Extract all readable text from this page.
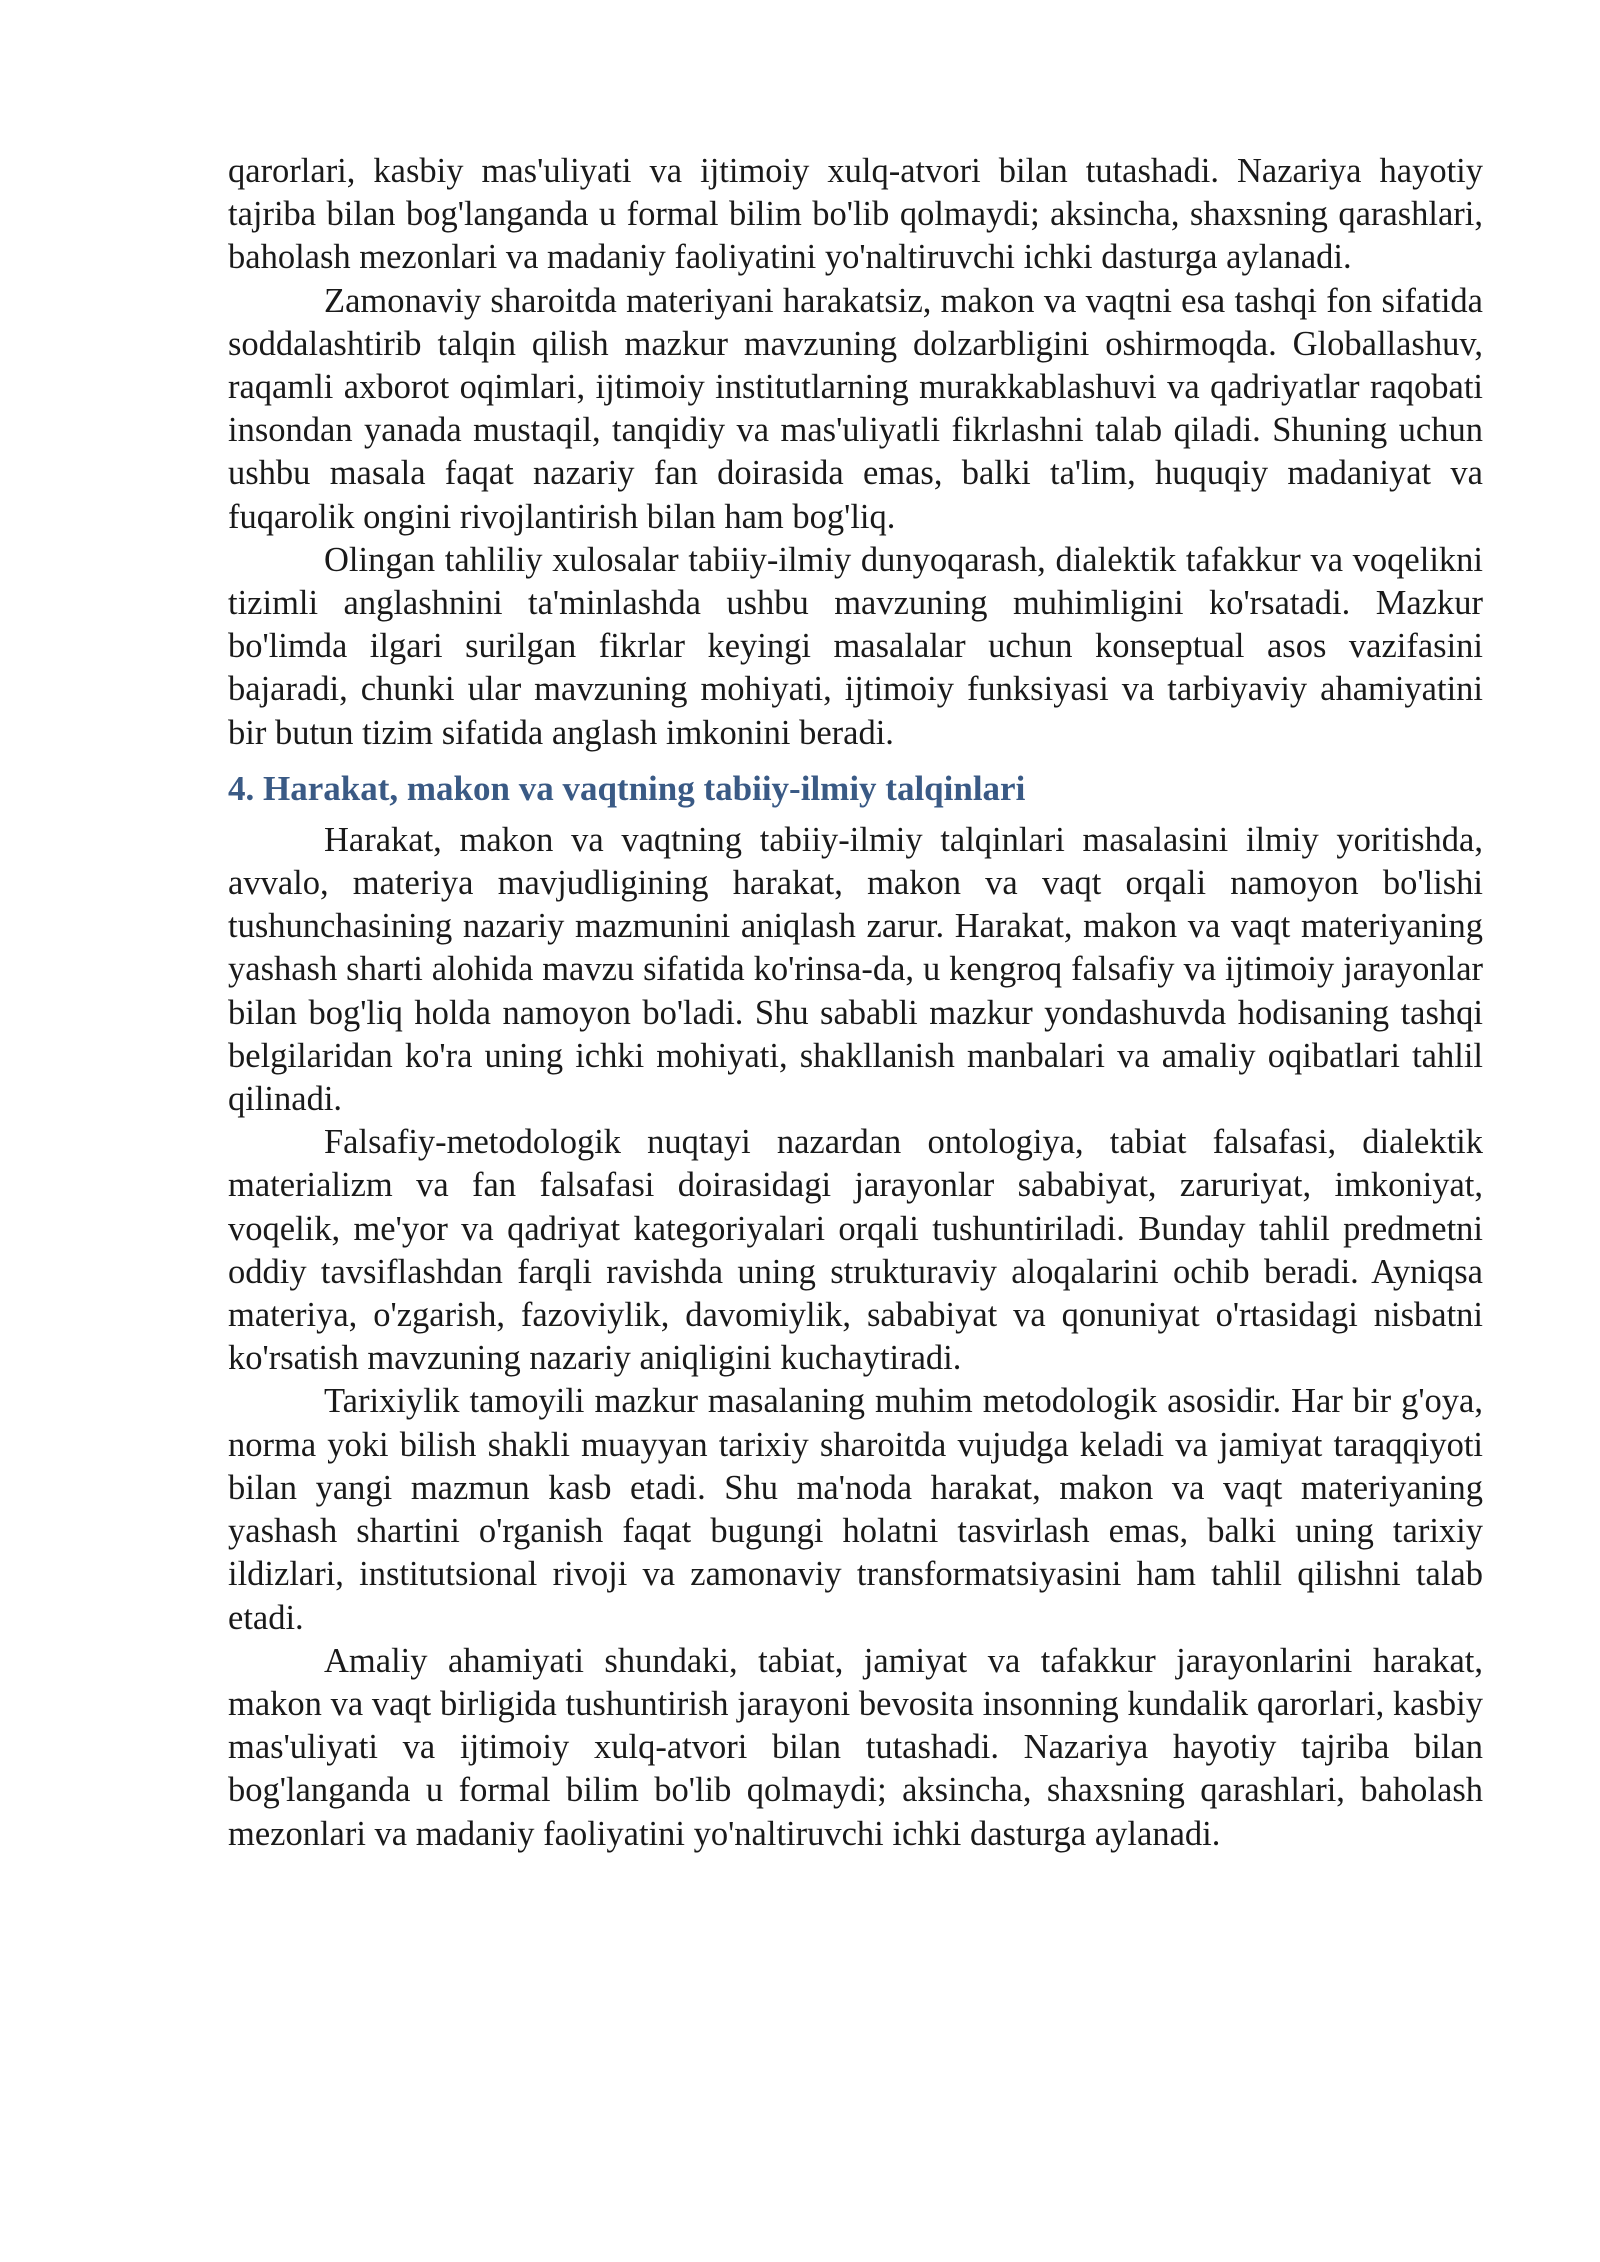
qarorlari, kasbiy mas'uliyati va ijtimoiy xulq-atvori bilan tutashadi. Nazariya hayotiy tajriba bilan bog'langanda u formal bilim bo'lib qolmaydi; aksincha, shaxsning qarashlari, baholash mezonlari va madaniy faoliyatini yo'naltiruvchi ichki dasturga aylanadi.

Zamonaviy sharoitda materiyani harakatsiz, makon va vaqtni esa tashqi fon sifatida soddalashtirib talqin qilish mazkur mavzuning dolzarbligini oshirmoqda. Globallashuv, raqamli axborot oqimlari, ijtimoiy institutlarning murakkablashuvi va qadriyatlar raqobati insondan yanada mustaqil, tanqidiy va mas'uliyatli fikrlashni talab qiladi. Shuning uchun ushbu masala faqat nazariy fan doirasida emas, balki ta'lim, huquqiy madaniyat va fuqarolik ongini rivojlantirish bilan ham bog'liq.

Olingan tahliliy xulosalar tabiiy-ilmiy dunyoqarash, dialektik tafakkur va voqelikni tizimli anglashnini ta'minlashda ushbu mavzuning muhimligini ko'rsatadi. Mazkur bo'limda ilgari surilgan fikrlar keyingi masalalar uchun konseptual asos vazifasini bajaradi, chunki ular mavzuning mohiyati, ijtimoiy funksiyasi va tarbiyaviy ahamiyatini bir butun tizim sifatida anglash imkonini beradi.

4. Harakat, makon va vaqtning tabiiy-ilmiy talqinlari

Harakat, makon va vaqtning tabiiy-ilmiy talqinlari masalasini ilmiy yoritishda, avvalo, materiya mavjudligining harakat, makon va vaqt orqali namoyon bo'lishi tushunchasining nazariy mazmunini aniqlash zarur. Harakat, makon va vaqt materiyaning yashash sharti alohida mavzu sifatida ko'rinsa-da, u kengroq falsafiy va ijtimoiy jarayonlar bilan bog'liq holda namoyon bo'ladi. Shu sababli mazkur yondashuvda hodisaning tashqi belgilaridan ko'ra uning ichki mohiyati, shakllanish manbalari va amaliy oqibatlari tahlil qilinadi.

Falsafiy-metodologik nuqtayi nazardan ontologiya, tabiat falsafasi, dialektik materializm va fan falsafasi doirasidagi jarayonlar sababiyat, zaruriyat, imkoniyat, voqelik, me'yor va qadriyat kategoriyalari orqali tushuntiriladi. Bunday tahlil predmetni oddiy tavsiflashdan farqli ravishda uning strukturaviy aloqalarini ochib beradi. Ayniqsa materiya, o'zgarish, fazoviylik, davomiylik, sababiyat va qonuniyat o'rtasidagi nisbatni ko'rsatish mavzuning nazariy aniqligini kuchaytiradi.

Tarixiylik tamoyili mazkur masalaning muhim metodologik asosidir. Har bir g'oya, norma yoki bilish shakli muayyan tarixiy sharoitda vujudga keladi va jamiyat taraqqiyoti bilan yangi mazmun kasb etadi. Shu ma'noda harakat, makon va vaqt materiyaning yashash shartini o'rganish faqat bugungi holatni tasvirlash emas, balki uning tarixiy ildizlari, institutsional rivoji va zamonaviy transformatsiyasini ham tahlil qilishni talab etadi.

Amaliy ahamiyati shundaki, tabiat, jamiyat va tafakkur jarayonlarini harakat, makon va vaqt birligida tushuntirish jarayoni bevosita insonning kundalik qarorlari, kasbiy mas'uliyati va ijtimoiy xulq-atvori bilan tutashadi. Nazariya hayotiy tajriba bilan bog'langanda u formal bilim bo'lib qolmaydi; aksincha, shaxsning qarashlari, baholash mezonlari va madaniy faoliyatini yo'naltiruvchi ichki dasturga aylanadi.
